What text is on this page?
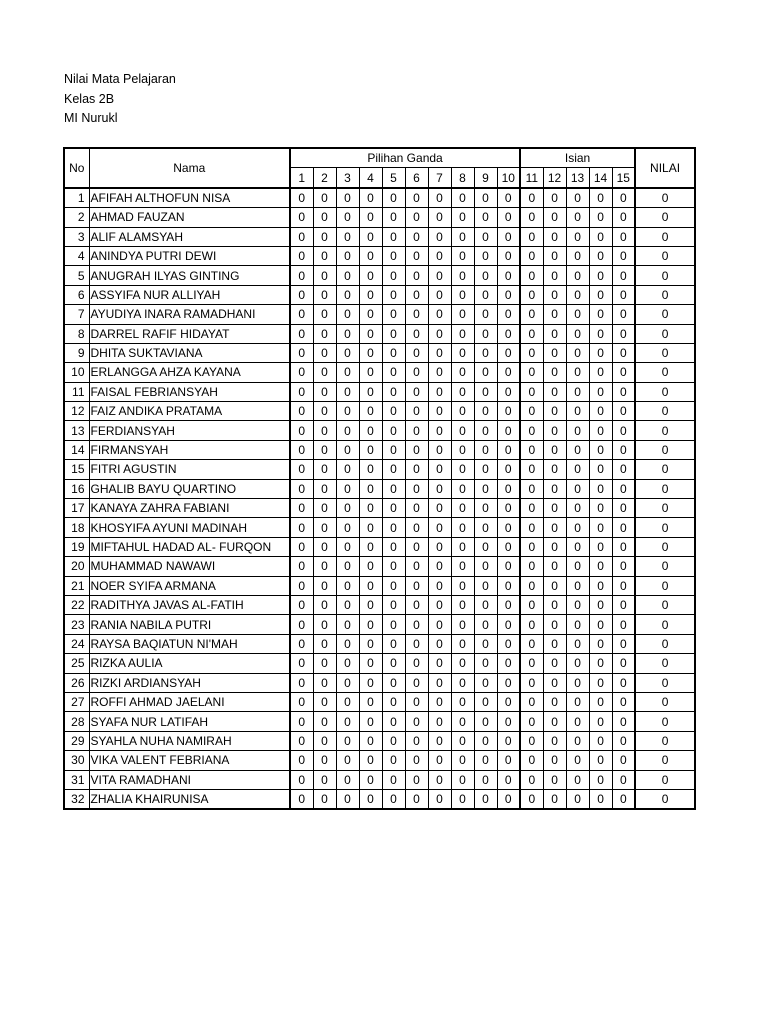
Nilai Mata Pelajaran
Kelas 2B
MI Nurukl
No	Nama	Pilihan Ganda										Isian					NILAI
		1	2	3	4	5	6	7	8	9	10	11	12	13	14	15	
1	AFIFAH ALTHOFUN NISA	0	0	0	0	0	0	0	0	0	0	0	0	0	0	0	0
2	AHMAD FAUZAN	0	0	0	0	0	0	0	0	0	0	0	0	0	0	0	0
3	ALIF ALAMSYAH	0	0	0	0	0	0	0	0	0	0	0	0	0	0	0	0
4	ANINDYA PUTRI DEWI	0	0	0	0	0	0	0	0	0	0	0	0	0	0	0	0
5	ANUGRAH ILYAS GINTING	0	0	0	0	0	0	0	0	0	0	0	0	0	0	0	0
6	ASSYIFA NUR ALLIYAH	0	0	0	0	0	0	0	0	0	0	0	0	0	0	0	0
7	AYUDIYA INARA RAMADHANI	0	0	0	0	0	0	0	0	0	0	0	0	0	0	0	0
8	DARREL RAFIF HIDAYAT	0	0	0	0	0	0	0	0	0	0	0	0	0	0	0	0
9	DHITA SUKTAVIANA	0	0	0	0	0	0	0	0	0	0	0	0	0	0	0	0
10	ERLANGGA AHZA KAYANA	0	0	0	0	0	0	0	0	0	0	0	0	0	0	0	0
11	FAISAL FEBRIANSYAH	0	0	0	0	0	0	0	0	0	0	0	0	0	0	0	0
12	FAIZ ANDIKA PRATAMA	0	0	0	0	0	0	0	0	0	0	0	0	0	0	0	0
13	FERDIANSYAH	0	0	0	0	0	0	0	0	0	0	0	0	0	0	0	0
14	FIRMANSYAH	0	0	0	0	0	0	0	0	0	0	0	0	0	0	0	0
15	FITRI AGUSTIN	0	0	0	0	0	0	0	0	0	0	0	0	0	0	0	0
16	GHALIB BAYU QUARTINO	0	0	0	0	0	0	0	0	0	0	0	0	0	0	0	0
17	KANAYA ZAHRA FABIANI	0	0	0	0	0	0	0	0	0	0	0	0	0	0	0	0
18	KHOSYIFA AYUNI MADINAH	0	0	0	0	0	0	0	0	0	0	0	0	0	0	0	0
19	MIFTAHUL HADAD AL- FURQON	0	0	0	0	0	0	0	0	0	0	0	0	0	0	0	0
20	MUHAMMAD NAWAWI	0	0	0	0	0	0	0	0	0	0	0	0	0	0	0	0
21	NOER SYIFA ARMANA	0	0	0	0	0	0	0	0	0	0	0	0	0	0	0	0
22	RADITHYA JAVAS AL-FATIH	0	0	0	0	0	0	0	0	0	0	0	0	0	0	0	0
23	RANIA NABILA PUTRI	0	0	0	0	0	0	0	0	0	0	0	0	0	0	0	0
24	RAYSA BAQIATUN NI'MAH	0	0	0	0	0	0	0	0	0	0	0	0	0	0	0	0
25	RIZKA AULIA	0	0	0	0	0	0	0	0	0	0	0	0	0	0	0	0
26	RIZKI ARDIANSYAH	0	0	0	0	0	0	0	0	0	0	0	0	0	0	0	0
27	ROFFI AHMAD JAELANI	0	0	0	0	0	0	0	0	0	0	0	0	0	0	0	0
28	SYAFA NUR LATIFAH	0	0	0	0	0	0	0	0	0	0	0	0	0	0	0	0
29	SYAHLA NUHA NAMIRAH	0	0	0	0	0	0	0	0	0	0	0	0	0	0	0	0
30	VIKA VALENT FEBRIANA	0	0	0	0	0	0	0	0	0	0	0	0	0	0	0	0
31	VITA RAMADHANI	0	0	0	0	0	0	0	0	0	0	0	0	0	0	0	0
32	ZHALIA KHAIRUNISA	0	0	0	0	0	0	0	0	0	0	0	0	0	0	0	0
